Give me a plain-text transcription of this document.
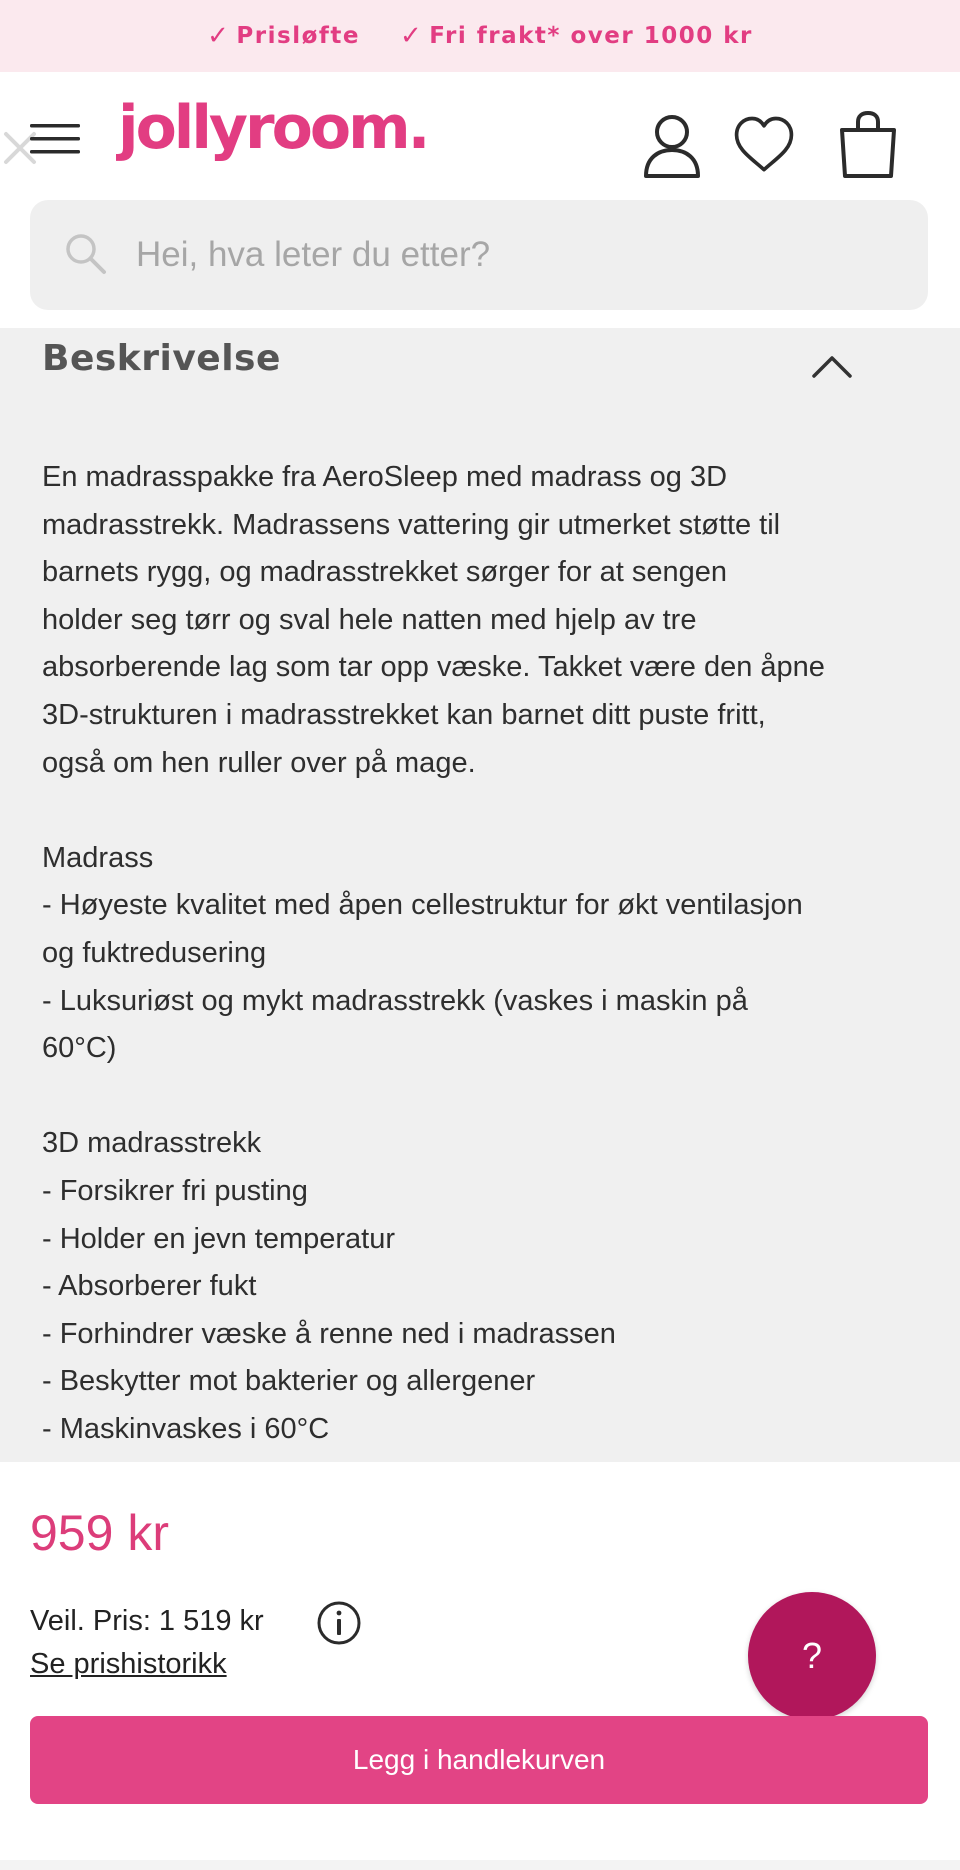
✓ Prisløfte ✓ Fri frakt* over 1000 kr
jollyroom.
Hei, hva leter du etter?
Beskrivelse

En madrasspakke fra AeroSleep med madrass og 3D

madrasstrekk. Madrassens vattering gir utmerket støtte til

barnets rygg, og madrasstrekket sørger for at sengen

holder seg tørr og sval hele natten med hjelp av tre

absorberende lag som tar opp væske. Takket være den åpne

3D-strukturen i madrasstrekket kan barnet ditt puste fritt,

også om hen ruller over på mage.

Madrass

- Høyeste kvalitet med åpen cellestruktur for økt ventilasjon

og fuktredusering

- Luksuriøst og mykt madrasstrekk (vaskes i maskin på

60°C)

3D madrasstrekk

- Forsikrer fri pusting

- Holder en jevn temperatur

- Absorberer fukt

- Forhindrer væske å renne ned i madrassen

- Beskytter mot bakterier og allergener

- Maskinvaskes i 60°C

959 kr
Veil. Pris: 1 519 kr
Se prishistorikk	?
Legg i handlekurven
